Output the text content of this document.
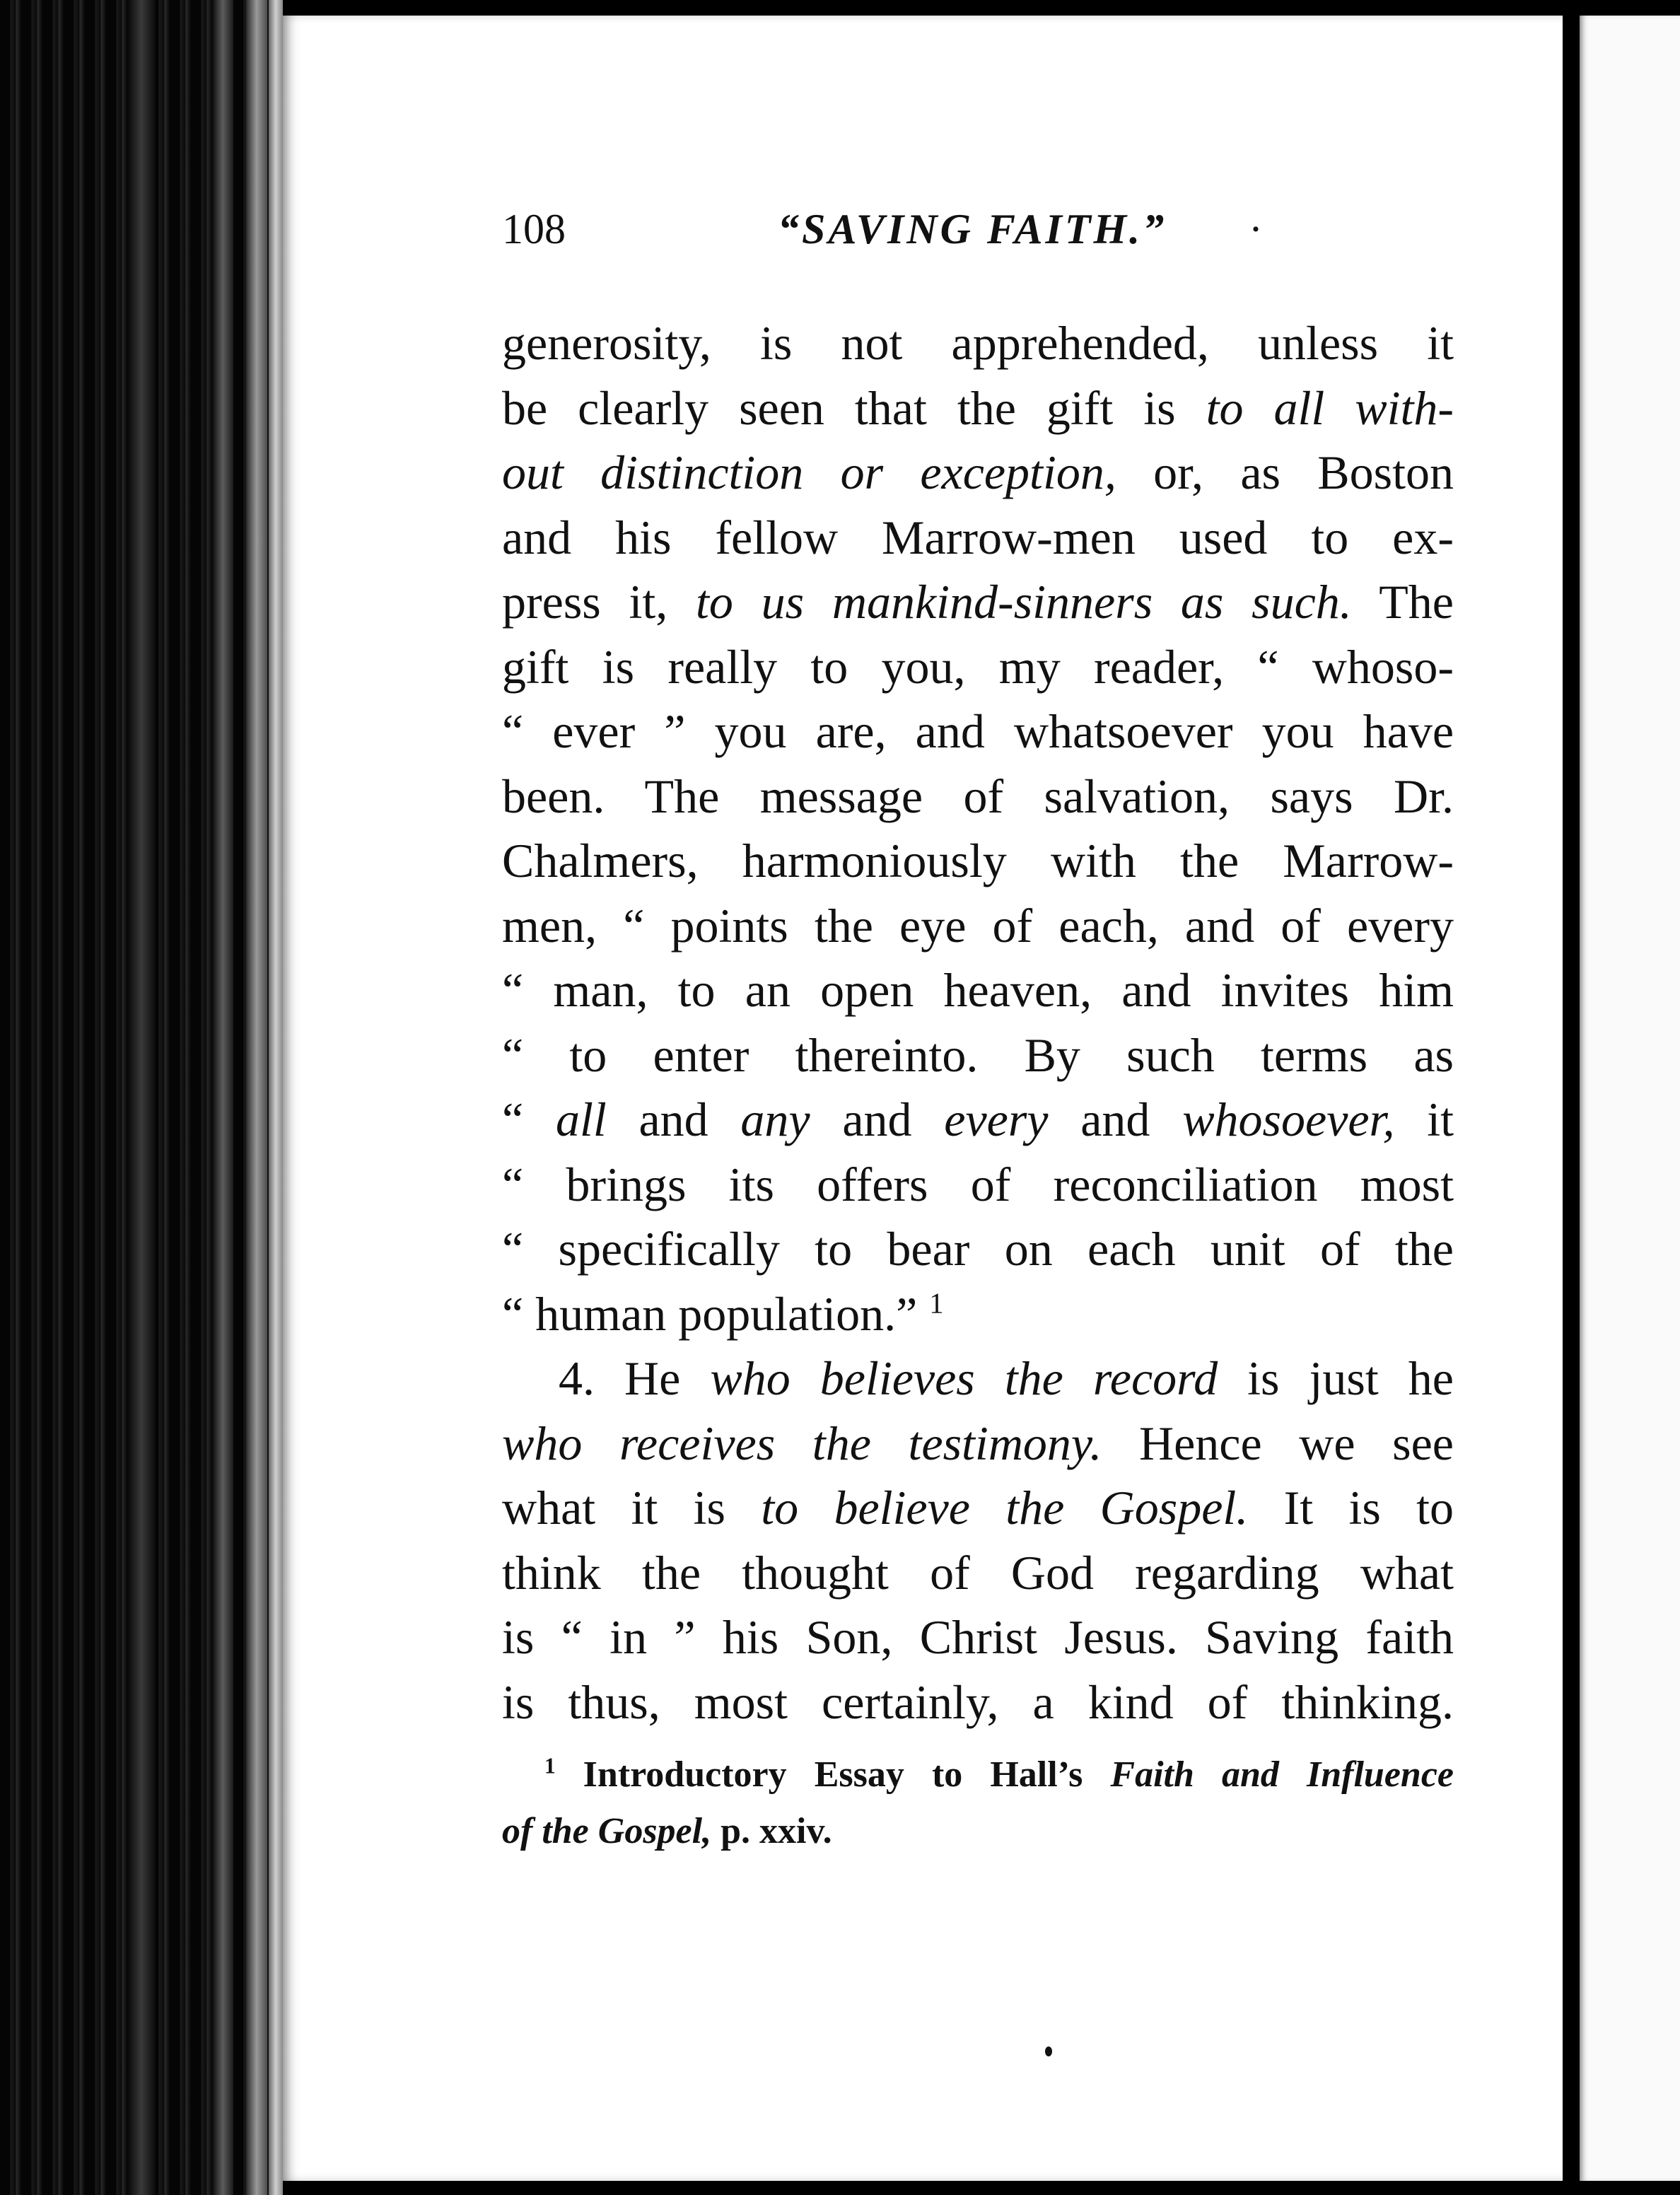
108	“SAVING FAITH.” ·
generosity, is not apprehended, unless it
be clearly seen that the gift is to all with-
out distinction or exception, or, as Boston
and his fellow Marrow-men used to ex-
press it, to us mankind-sinners as such. The
gift is really to you, my reader, “ whoso-
“ ever ” you are, and whatsoever you have
been. The message of salvation, says Dr.
Chalmers, harmoniously with the Marrow-
men, “ points the eye of each, and of every
“ man, to an open heaven, and invites him
“ to enter thereinto. By such terms as
“ all and any and every and whosoever, it
“ brings its offers of reconciliation most
“ specifically to bear on each unit of the
“ human population.” $^1$
4. He who believes the record is just he
who receives the testimony. Hence we see
what it is to believe the Gospel. It is to
think the thought of God regarding what
is “ in ” his Son, Christ Jesus. Saving faith
is thus, most certainly, a kind of thinking.
$^1$ Introductory Essay to Hall’s Faith and Influence
of the Gospel, p. xxiv.
